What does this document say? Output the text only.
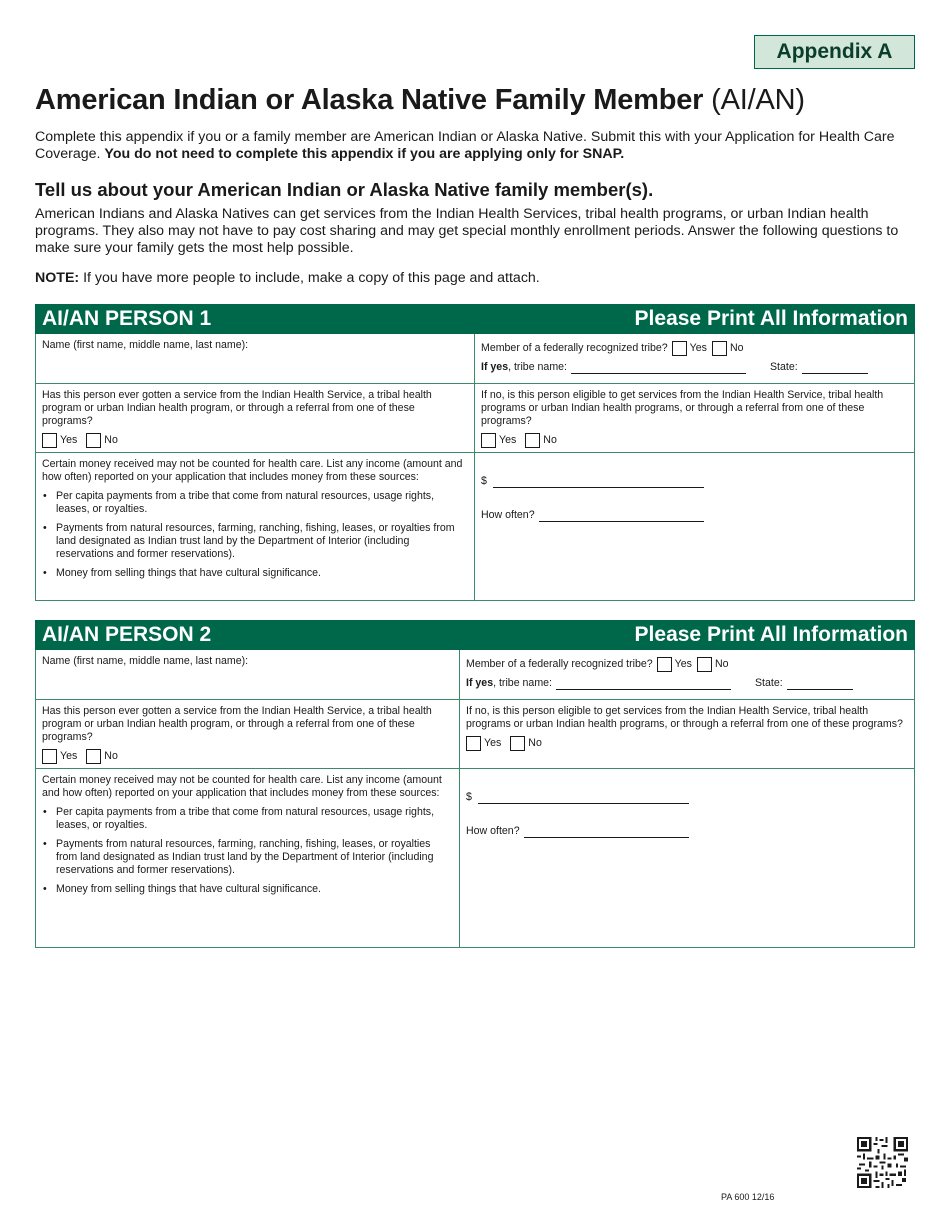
Appendix A
American Indian or Alaska Native Family Member (AI/AN)
Complete this appendix if you or a family member are American Indian or Alaska Native. Submit this with your Application for Health Care Coverage. You do not need to complete this appendix if you are applying only for SNAP.
Tell us about your American Indian or Alaska Native family member(s).
American Indians and Alaska Natives can get services from the Indian Health Services, tribal health programs, or urban Indian health programs. They also may not have to pay cost sharing and may get special monthly enrollment periods. Answer the following questions to make sure your family gets the most help possible.
NOTE: If you have more people to include, make a copy of this page and attach.
AI/AN PERSON 1	Please Print All Information
Name (first name, middle name, last name):	Member of a federally recognized tribe? Yes No
If yes , tribe name:	State:
Has this person ever gotten a service from the Indian Health Service, a tribal health program or urban Indian health program, or through a referral from one of these programs?
Yes	No
If no, is this person eligible to get services from the Indian Health Service, tribal health programs or urban Indian health programs, or through a referral from one of these programs?
Yes	No
Certain money received may not be counted for health care. List any income (amount and how often) reported on your application that includes money from these sources:
• Per capita payments from a tribe that come from natural resources, usage rights, leases, or royalties.
• Payments from natural resources, farming, ranching, fishing, leases, or royalties from land designated as Indian trust land by the Department of Interior (including reservations and former reservations).
• Money from selling things that have cultural significance.
$
How often?
AI/AN PERSON 2	Please Print All Information
Name (first name, middle name, last name):	Member of a federally recognized tribe? Yes No
If yes , tribe name:	State:
Has this person ever gotten a service from the Indian Health Service, a tribal health program or urban Indian health program, or through a referral from one of these programs?
Yes	No
If no, is this person eligible to get services from the Indian Health Service, tribal health programs or urban Indian health programs, or through a referral from one of these programs?
Yes	No
Certain money received may not be counted for health care. List any income (amount and how often) reported on your application that includes money from these sources:
• Per capita payments from a tribe that come from natural resources, usage rights, leases, or royalties.
• Payments from natural resources, farming, ranching, fishing, leases, or royalties from land designated as Indian trust land by the Department of Interior (including reservations and former reservations).
• Money from selling things that have cultural significance.
$
How often?
PA 600 12/16
